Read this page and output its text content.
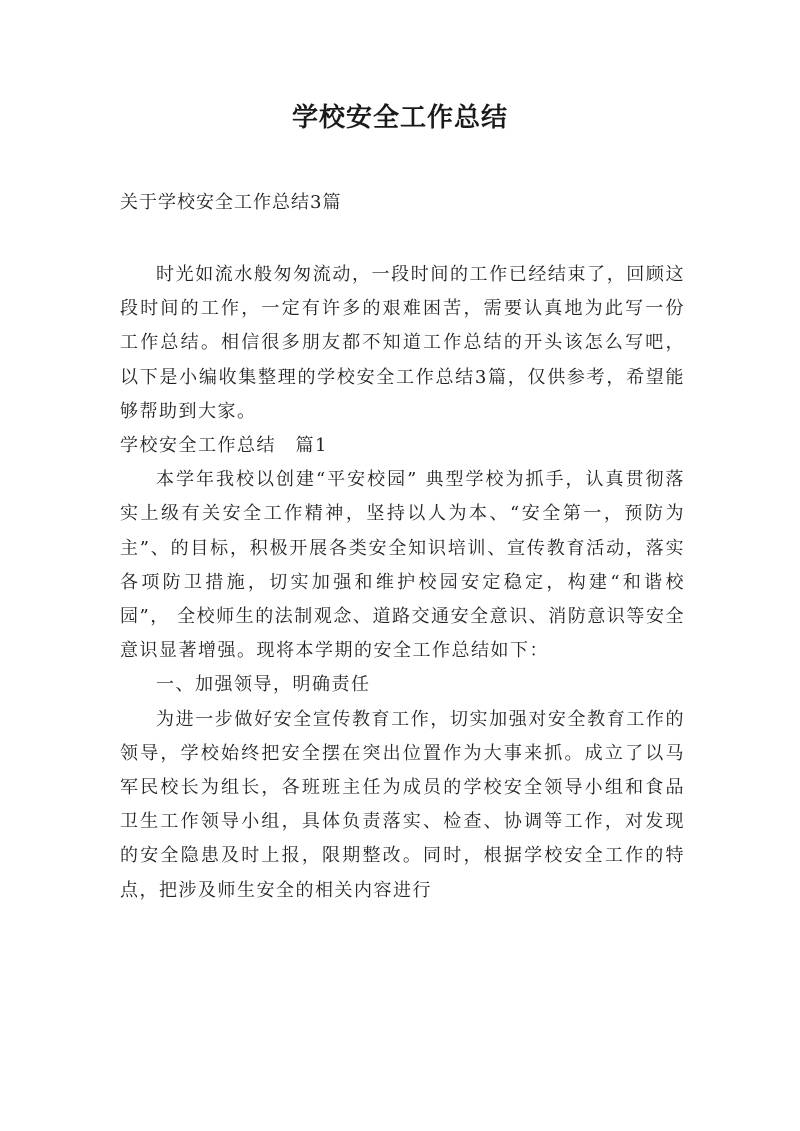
学校安全工作总结
关于学校安全工作总结3篇

时光如流水般匆匆流动，一段时间的工作已经结束了，回顾这段时间的工作，一定有许多的艰难困苦，需要认真地为此写一份工作总结。相信很多朋友都不知道工作总结的开头该怎么写吧，以下是小编收集整理的学校安全工作总结3篇，仅供参考，希望能够帮助到大家。

学校安全工作总结　篇1

本学年我校以创建“平安校园” 典型学校为抓手，认真贯彻落实上级有关安全工作精神，坚持以人为本、“安全第一，预防为主”、的目标，积极开展各类安全知识培训、宣传教育活动，落实各项防卫措施，切实加强和维护校园安定稳定，构建“和谐校园”， 全校师生的法制观念、道路交通安全意识、消防意识等安全意识显著增强。现将本学期的安全工作总结如下：

一、加强领导，明确责任

为进一步做好安全宣传教育工作，切实加强对安全教育工作的领导，学校始终把安全摆在突出位置作为大事来抓。成立了以马军民校长为组长，各班班主任为成员的学校安全领导小组和食品卫生工作领导小组，具体负责落实、检查、协调等工作，对发现的安全隐患及时上报，限期整改。同时，根据学校安全工作的特点，把涉及师生安全的相关内容进行
